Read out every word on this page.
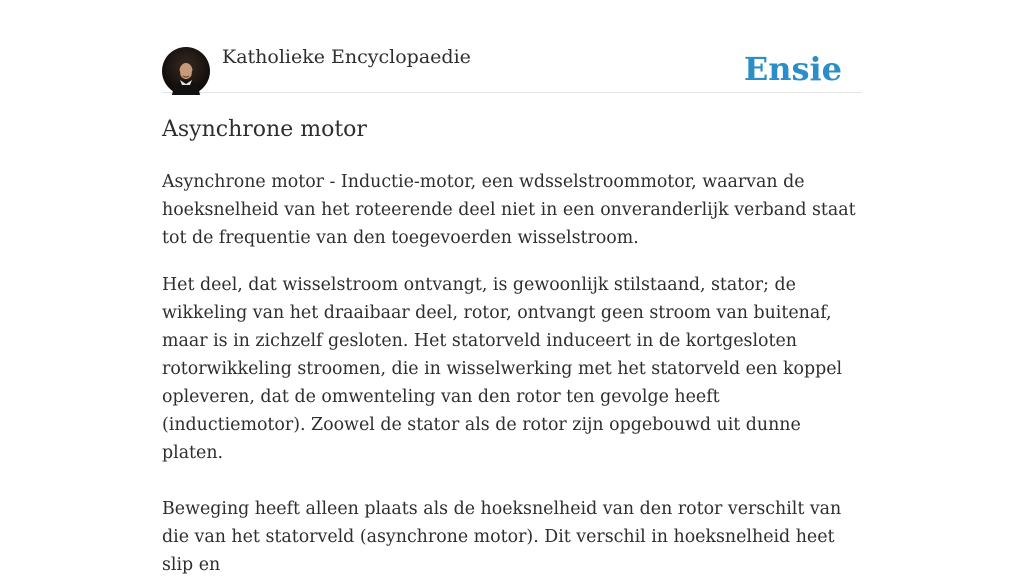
Katholieke Encyclopaedie	Ensie
Asynchrone motor

Asynchrone motor - Inductie-motor, een wdsselstroommotor, waarvan de hoeksnelheid van het roteerende deel niet in een onveranderlijk verband staat tot de frequentie van den toegevoerden wisselstroom.

Het deel, dat wisselstroom ontvangt, is gewoonlijk stilstaand, stator; de wikkeling van het draaibaar deel, rotor, ontvangt geen stroom van buitenaf, maar is in zichzelf gesloten. Het statorveld induceert in de kortgesloten rotorwikkeling stroomen, die in wisselwerking met het statorveld een koppel opleveren, dat de omwenteling van den rotor ten gevolge heeft (inductiemotor). Zoowel de stator als de rotor zijn opgebouwd uit dunne platen.

Beweging heeft alleen plaats als de hoeksnelheid van den rotor verschilt van die van het statorveld (asynchrone motor). Dit verschil in hoeksnelheid heet slip en
